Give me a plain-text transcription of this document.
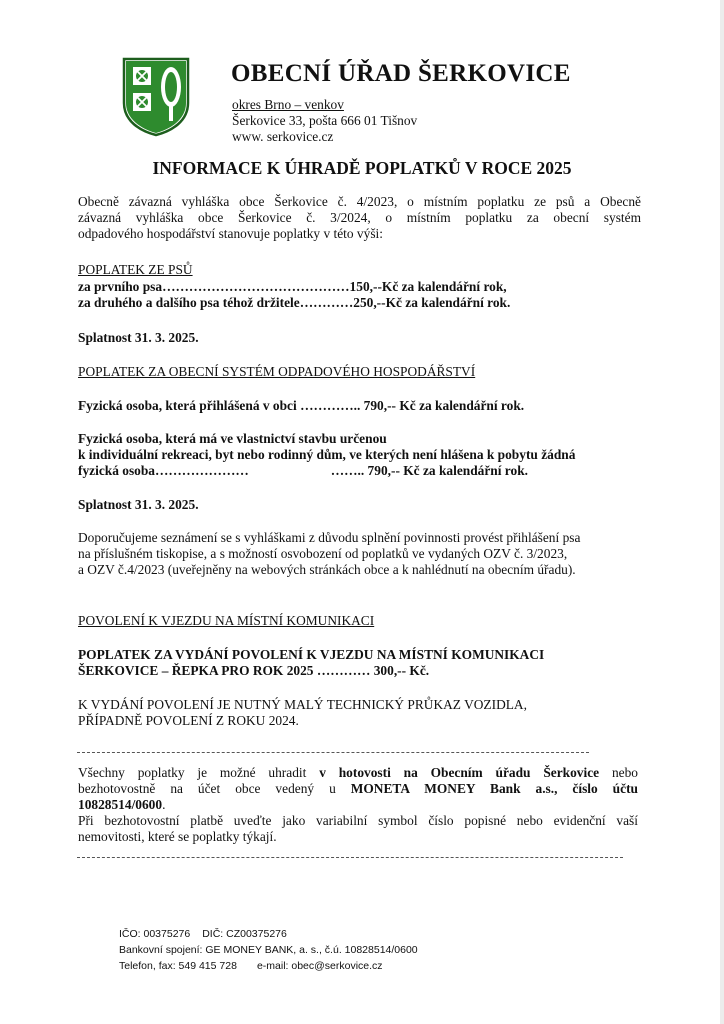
OBECNÍ ÚŘAD ŠERKOVICE
okres Brno – venkov
Šerkovice 33, pošta 666 01 Tišnov
www. serkovice.cz
INFORMACE K ÚHRADĚ POPLATKŮ V ROCE 2025
Obecně závazná vyhláška obce Šerkovice č. 4/2023, o místním poplatku ze psů a Obecně
závazná vyhláška obce Šerkovice č. 3/2024, o místním poplatku za obecní systém
odpadového hospodářství stanovuje poplatky v této výši:
POPLATEK ZE PSŮ
za prvního psa……………………………………150,--Kč za kalendářní rok,
za druhého a dalšího psa téhož držitele…………250,--Kč za kalendářní rok.
Splatnost 31. 3. 2025.
POPLATEK ZA OBECNÍ SYSTÉM ODPADOVÉHO HOSPODÁŘSTVÍ
Fyzická osoba, která přihlášená v obci ………….. 790,-- Kč za kalendářní rok.
Fyzická osoba, která má ve vlastnictví stavbu určenou
k individuální rekreaci, byt nebo rodinný dům, ve kterých není hlášena k pobytu žádná
fyzická osoba…………………	…….. 790,-- Kč za kalendářní rok.
Splatnost 31. 3. 2025.
Doporučujeme seznámení se s vyhláškami z důvodu splnění povinnosti provést přihlášení psa
na příslušném tiskopise, a s možností osvobození od poplatků ve vydaných OZV č. 3/2023,
a OZV č.4/2023 (uveřejněny na webových stránkách obce a k nahlédnutí na obecním úřadu).
POVOLENÍ K VJEZDU NA MÍSTNÍ KOMUNIKACI
POPLATEK ZA VYDÁNÍ POVOLENÍ K VJEZDU NA MÍSTNÍ KOMUNIKACI
ŠERKOVICE – ŘEPKA PRO ROK 2025 ………… 300,-- Kč.
K VYDÁNÍ POVOLENÍ JE NUTNÝ MALÝ TECHNICKÝ PRŮKAZ VOZIDLA,
PŘÍPADNĚ POVOLENÍ Z ROKU 2024.
Všechny poplatky je možné uhradit v hotovosti na Obecním úřadu Šerkovice nebo
bezhotovostně na účet obce vedený u MONETA MONEY Bank a.s., číslo účtu
10828514/0600.
Při bezhotovostní platbě uveďte jako variabilní symbol číslo popisné nebo evidenční vaší
nemovitosti, které se poplatky týkají.
IČO: 00375276 DIČ: CZ00375276
Bankovní spojení: GE MONEY BANK, a. s., č.ú. 10828514/0600
Telefon, fax: 549 415 728 e-mail: obec@serkovice.cz
